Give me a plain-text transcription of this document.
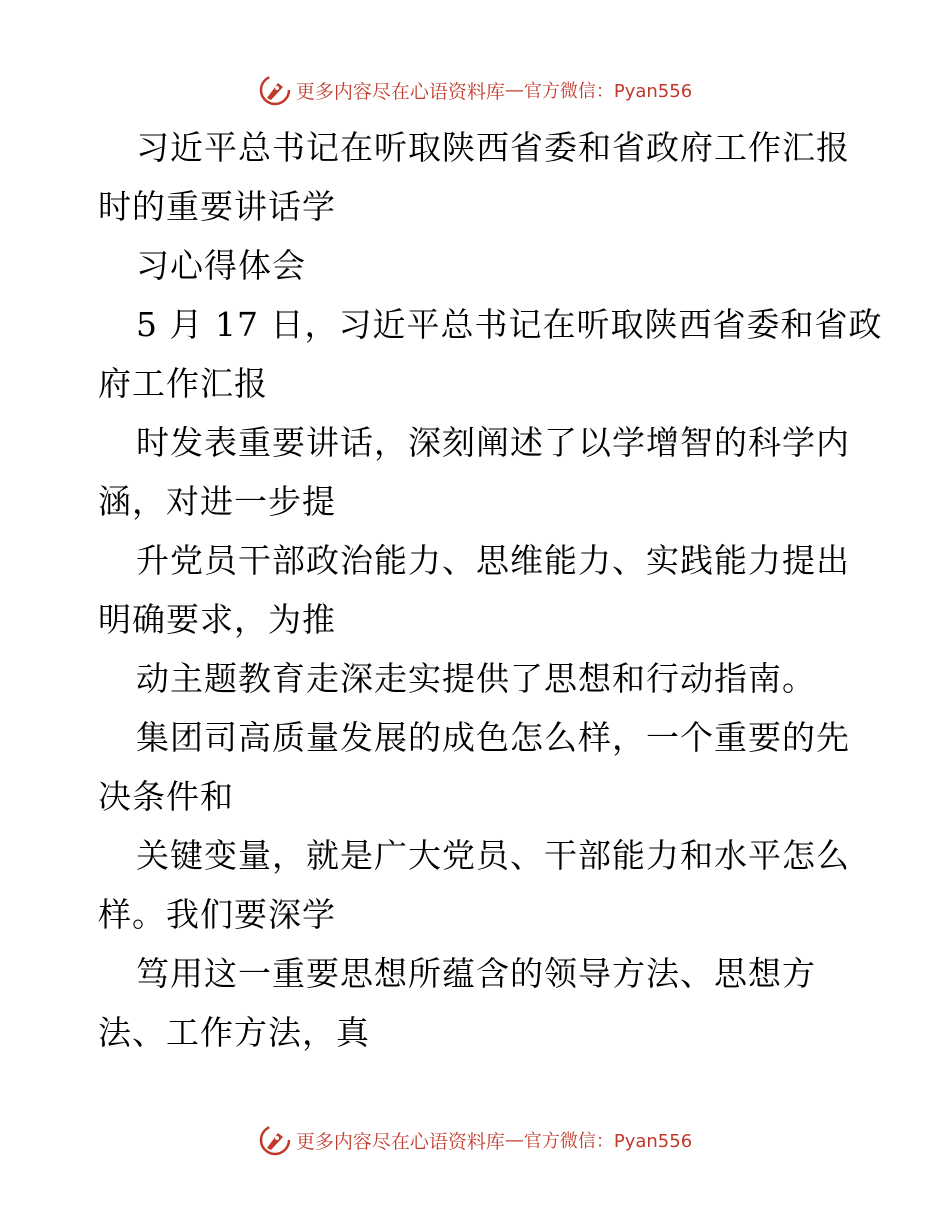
更多内容尽在心语资料库 — 官方微信：Pyan556
习近平总书记在听取陕西省委和省政府工作汇报
时的重要讲话学
习心得体会
5 月 17 日，习近平总书记在听取陕西省委和省政
府工作汇报
时发表重要讲话，深刻阐述了以学增智的科学内
涵，对进一步提
升党员干部政治能力、思维能力、实践能力提出
明确要求，为推
动主题教育走深走实提供了思想和行动指南。
集团司高质量发展的成色怎么样，一个重要的先
决条件和
关键变量，就是广大党员、干部能力和水平怎么
样。我们要深学
笃用这一重要思想所蕴含的领导方法、思想方
法、工作方法，真
更多内容尽在心语资料库 — 官方微信：Pyan556
